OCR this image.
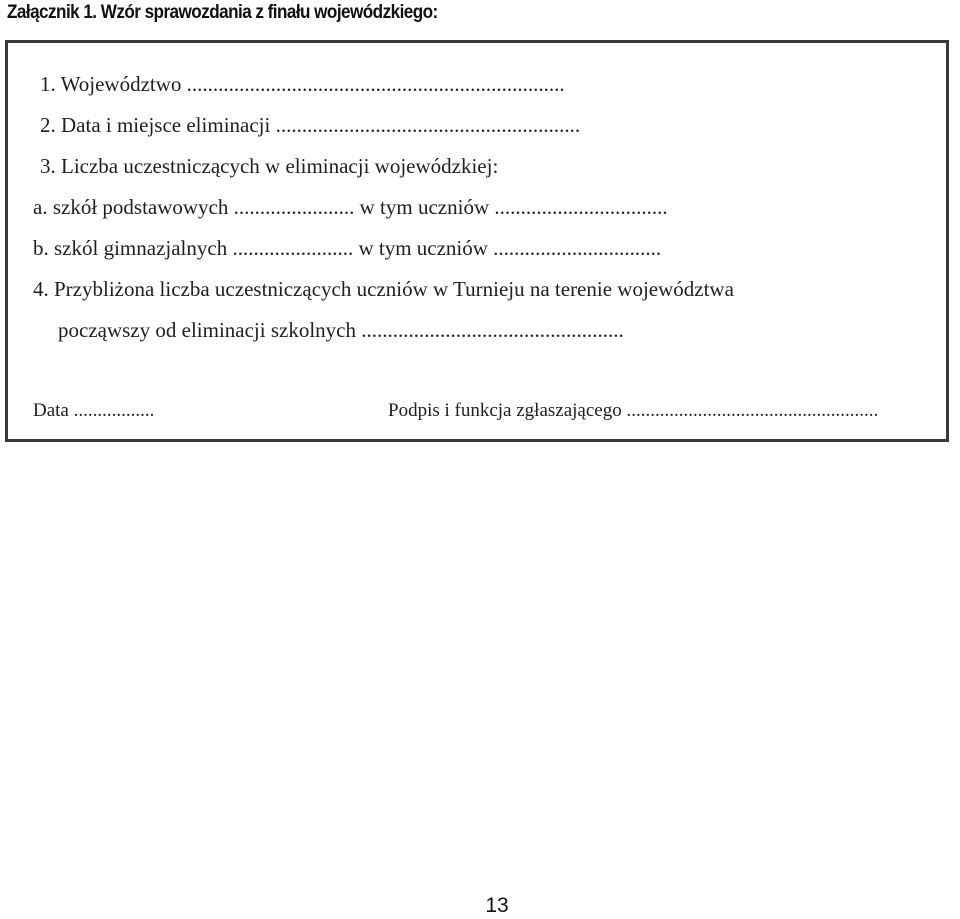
Załącznik 1. Wzór sprawozdania z finału wojewódzkiego:
1. Województwo ........................................................................
2. Data i miejsce eliminacji ..........................................................
3. Liczba uczestniczących w eliminacji wojewódzkiej:
a. szkół podstawowych ....................... w tym uczniów .................................
b. szkól gimnazjalnych ....................... w tym uczniów ................................
4. Przybliżona liczba uczestniczących uczniów w Turnieju na terenie województwa
począwszy od eliminacji szkolnych ..................................................
Data .................	Podpis i funkcja zgłaszającego .....................................................
13
